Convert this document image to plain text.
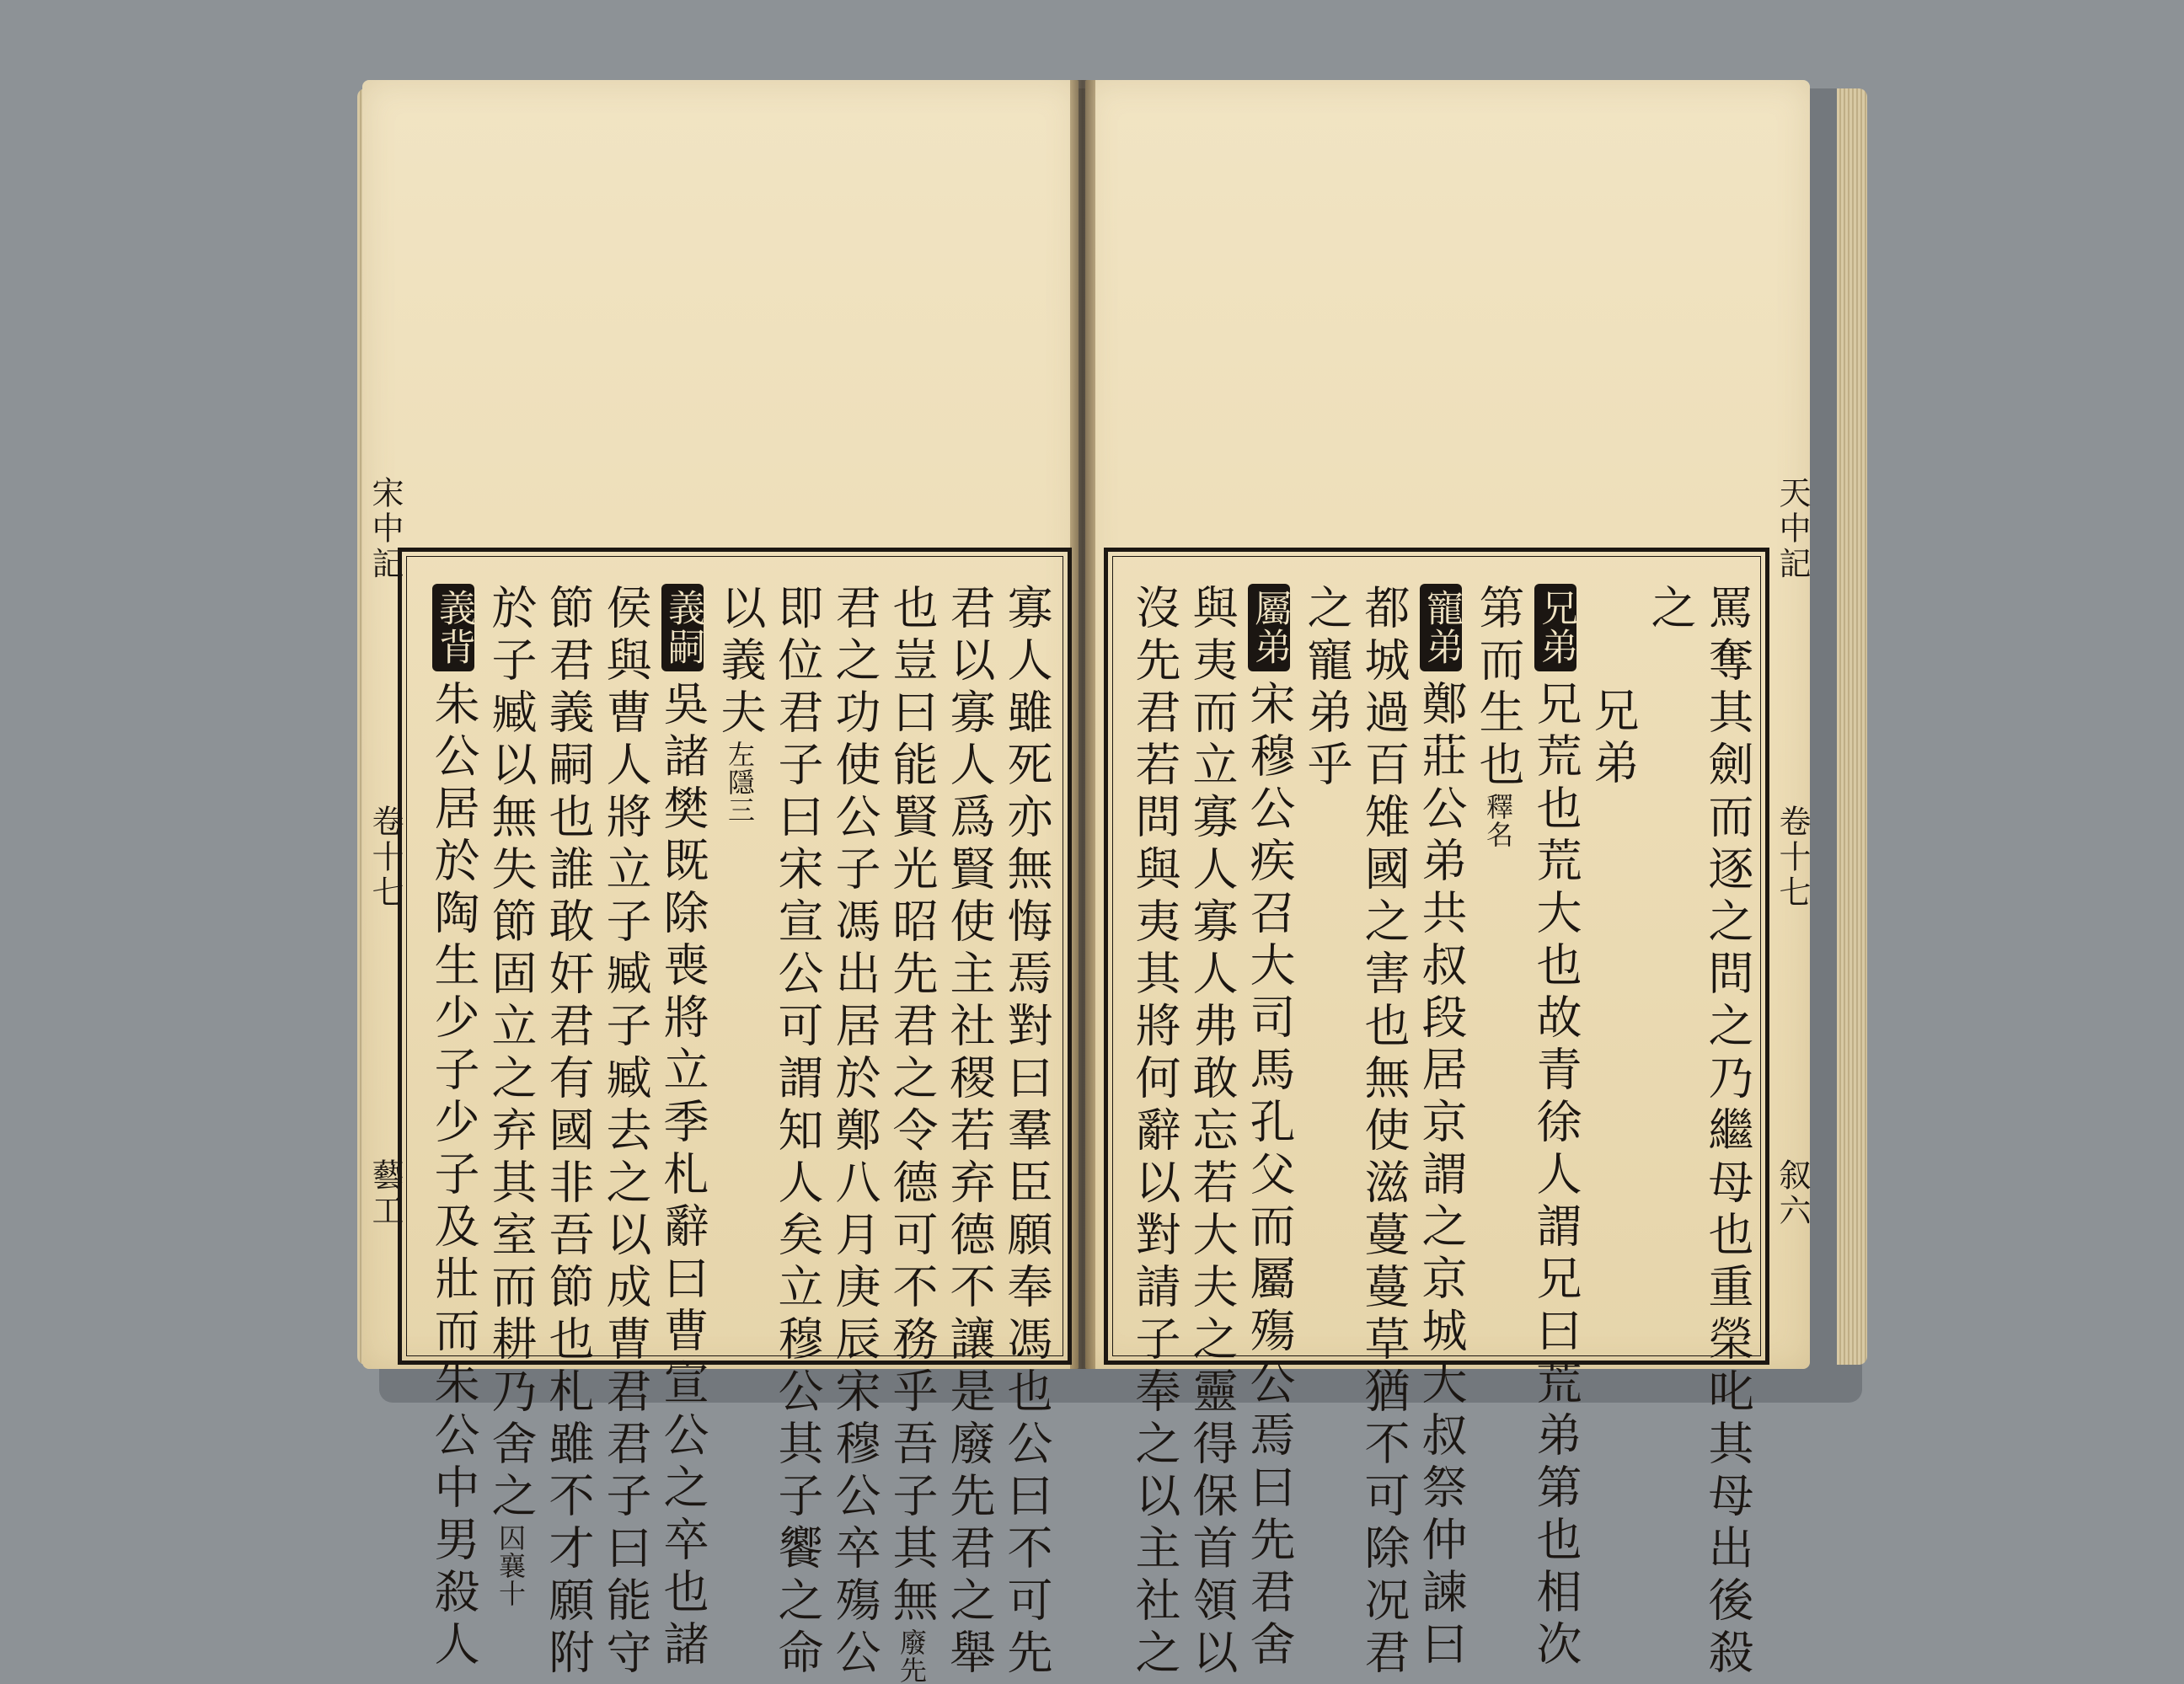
宋中記
卷十七
藝工
天中記
卷十七
叙六
寡人雖死亦無悔焉對曰羣臣願奉馮也公曰不可先
君以寡人爲賢使主社稷若弃德不讓是廢先君之舉
也豈曰能賢光昭先君之令德可不務乎吾子其無廢先
君之功使公子馮出居於鄭八月庚辰宋穆公卒殤公
即位君子曰宋宣公可謂知人矣立穆公其子饗之命
以義夫左隱三
義嗣吳諸樊既除喪將立季札辭曰曹宣公之卒也諸
侯與曹人將立子臧子臧去之以成曹君君子曰能守
節君義嗣也誰敢奸君有國非吾節也札雖不才願附
於子臧以無失節固立之弃其室而耕乃舍之囚襄十
義背朱公居於陶生少子少子及壯而朱公中男殺人	罵奪其劍而逐之問之乃繼母也重榮叱其母出後殺
之
兄弟
兄弟兄荒也荒大也故青徐人謂兄曰荒弟第也相次
第而生也釋名
寵弟鄭莊公弟共叔段居京謂之京城大叔祭仲諫曰
都城過百雉國之害也無使滋蔓蔓草猶不可除况君
之寵弟乎
屬弟宋穆公疾召大司馬孔父而屬殤公焉曰先君舍
與夷而立寡人寡人弗敢忘若大夫之靈得保首領以
沒先君若問與夷其將何辭以對請子奉之以主社之
